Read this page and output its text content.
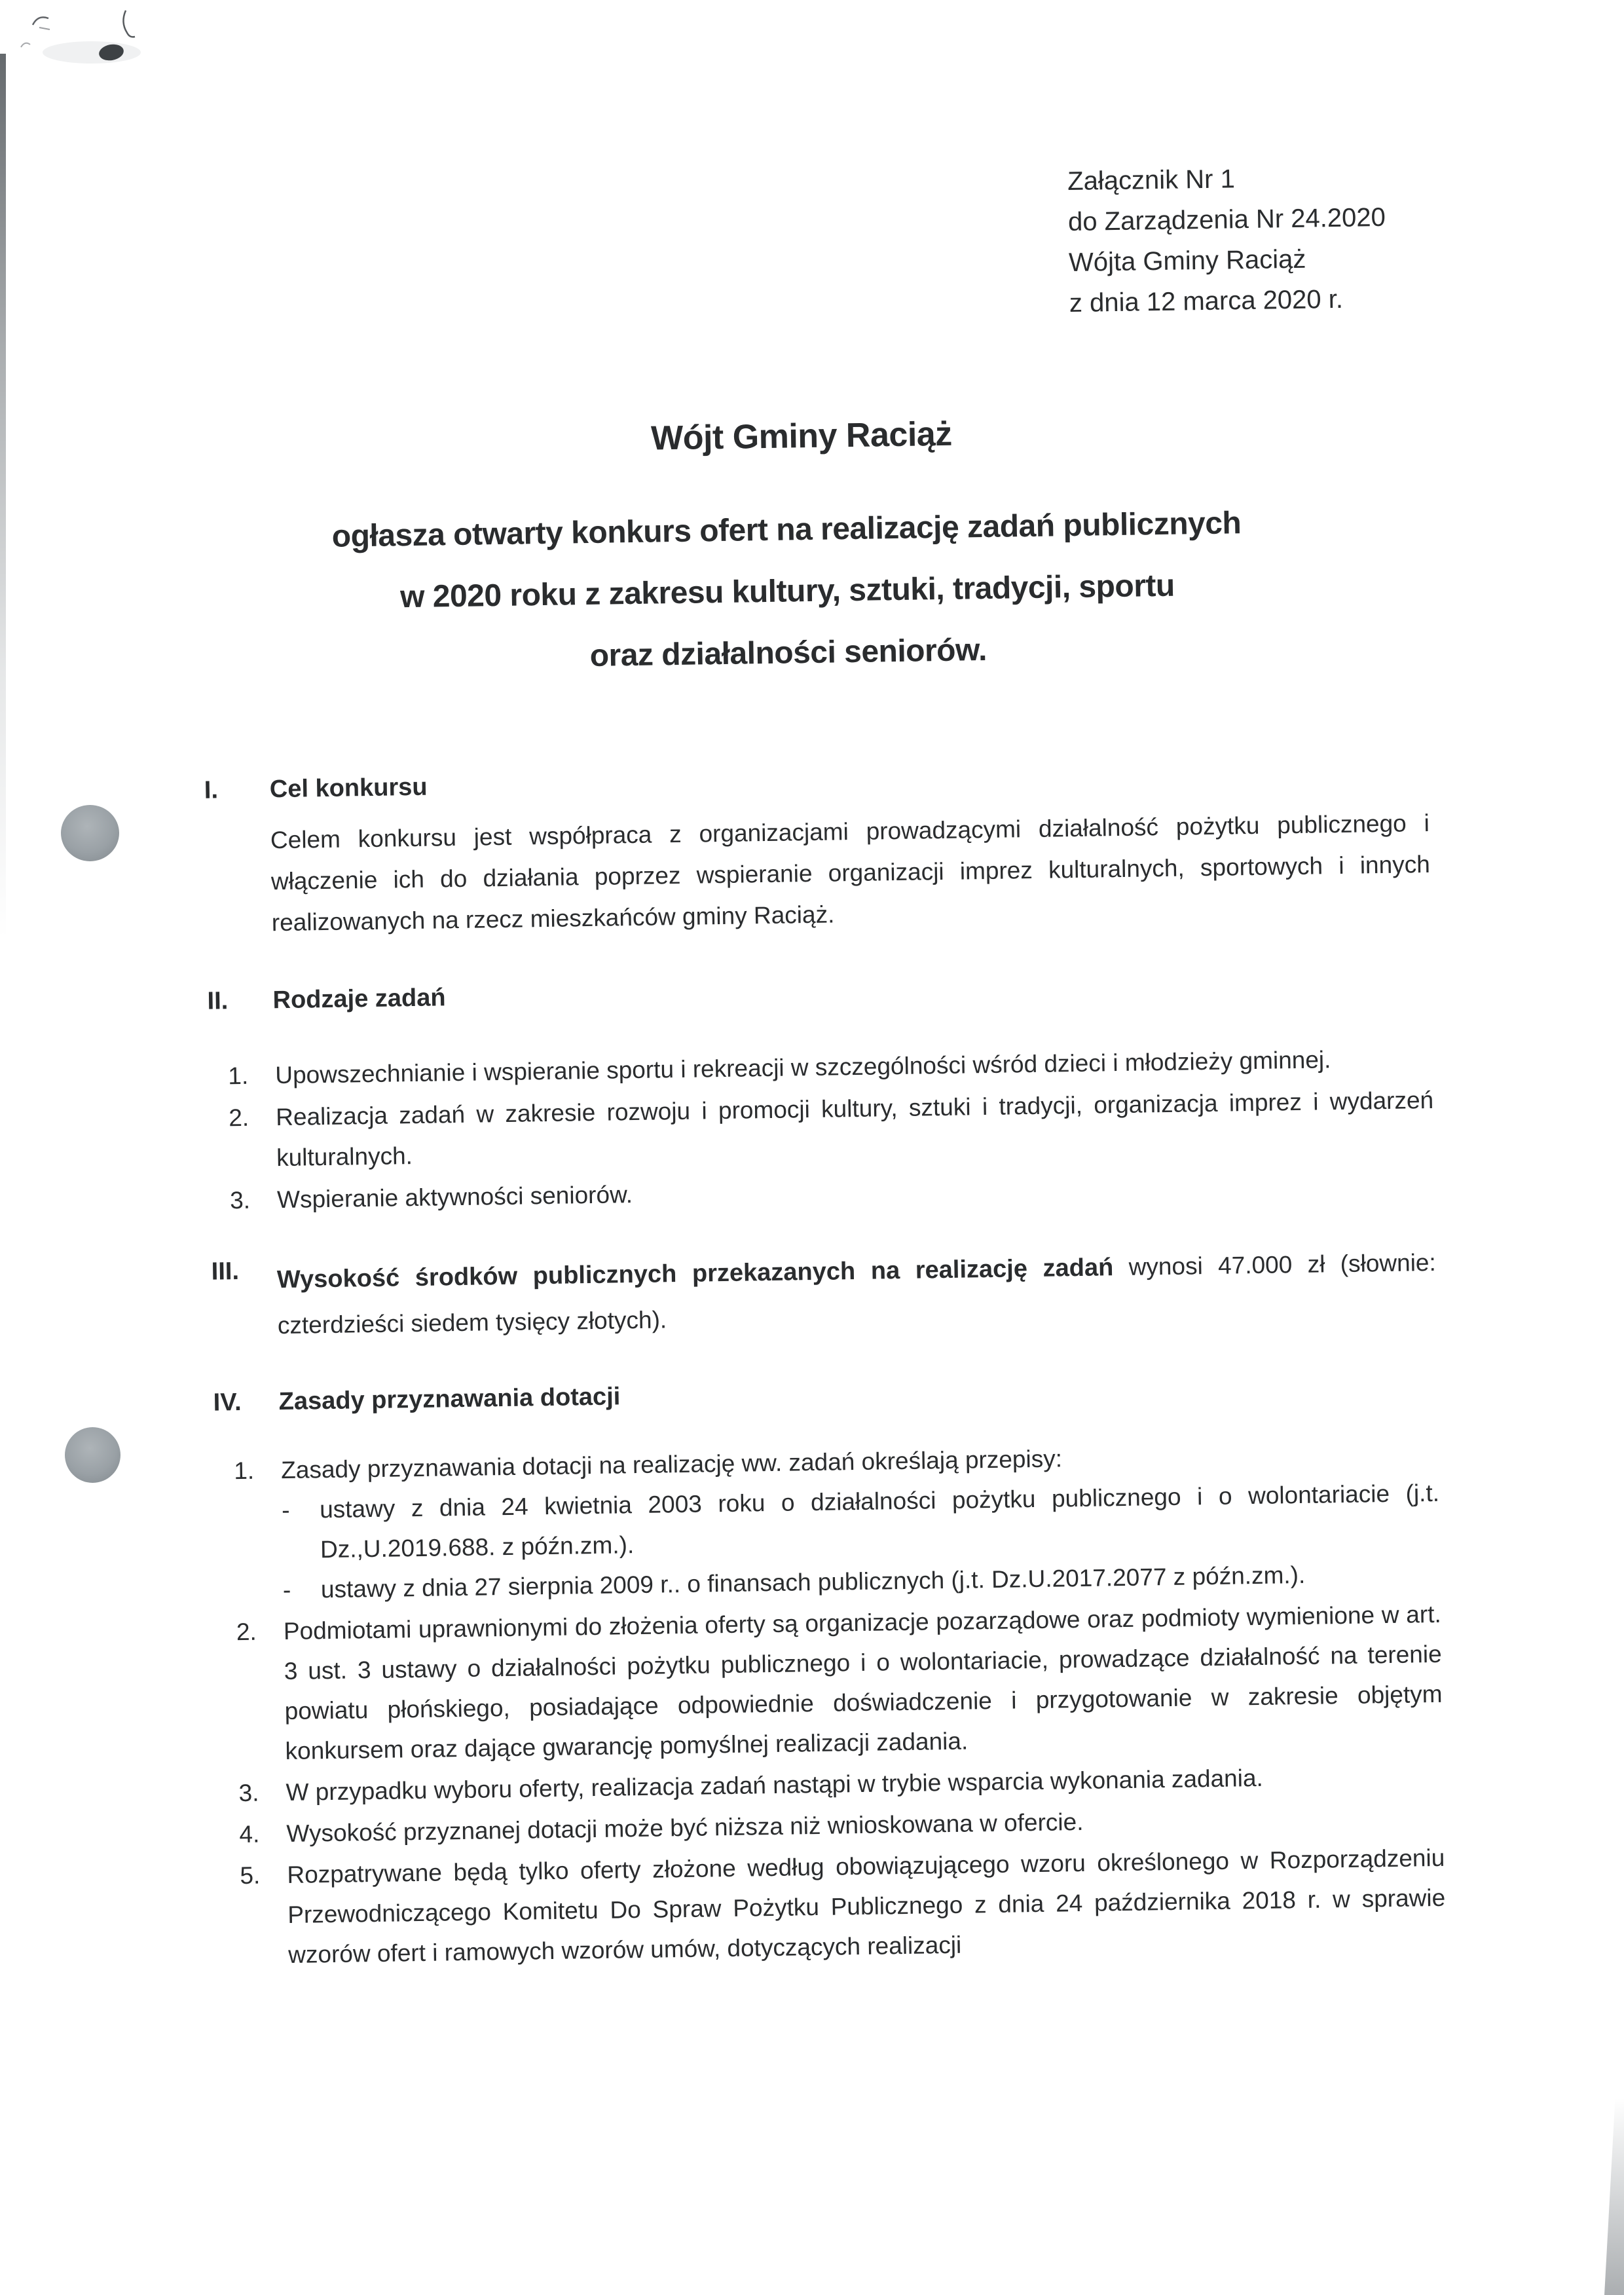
Załącznik Nr 1
do Zarządzenia Nr 24.2020
Wójta Gminy Raciąż
z dnia 12 marca 2020 r.
Wójt Gminy Raciąż
ogłasza otwarty konkurs ofert na realizację zadań publicznych
w 2020 roku z zakresu kultury, sztuki, tradycji, sportu
oraz działalności seniorów.
I.	Cel konkursu
Celem konkursu jest współpraca z organizacjami prowadzącymi działalność pożytku publicznego i włączenie ich do działania poprzez wspieranie organizacji imprez kulturalnych, sportowych i innych realizowanych na rzecz mieszkańców gminy Raciąż.
II.	Rodzaje zadań
1.	Upowszechnianie i wspieranie sportu i rekreacji w szczególności wśród dzieci i młodzieży gminnej.
2.	Realizacja zadań w zakresie rozwoju i promocji kultury, sztuki i tradycji, organizacja imprez i wydarzeń kulturalnych.
3.	Wspieranie aktywności seniorów.
III.	Wysokość środków publicznych przekazanych na realizację zadań wynosi 47.000 zł (słownie: czterdzieści siedem tysięcy złotych).
IV.	Zasady przyznawania dotacji
1.	Zasady przyznawania dotacji na realizację ww. zadań określają przepisy:
-	ustawy z dnia 24 kwietnia 2003 roku o działalności pożytku publicznego i o wolontariacie (j.t. Dz.,U.2019.688. z późn.zm.).
-	ustawy z dnia 27 sierpnia 2009 r.. o finansach publicznych (j.t. Dz.U.2017.2077 z późn.zm.).
2.	Podmiotami uprawnionymi do złożenia oferty są organizacje pozarządowe oraz podmioty wymienione w art. 3 ust. 3 ustawy o działalności pożytku publicznego i o wolontariacie, prowadzące działalność na terenie powiatu płońskiego, posiadające odpowiednie doświadczenie i przygotowanie w zakresie objętym konkursem oraz dające gwarancję pomyślnej realizacji zadania.
3.	W przypadku wyboru oferty, realizacja zadań nastąpi w trybie wsparcia wykonania zadania.
4.	Wysokość przyznanej dotacji może być niższa niż wnioskowana w ofercie.
5.	Rozpatrywane będą tylko oferty złożone według obowiązującego wzoru określonego w Rozporządzeniu Przewodniczącego Komitetu Do Spraw Pożytku Publicznego z dnia 24 października 2018 r. w sprawie wzorów ofert i ramowych wzorów umów, dotyczących realizacji
